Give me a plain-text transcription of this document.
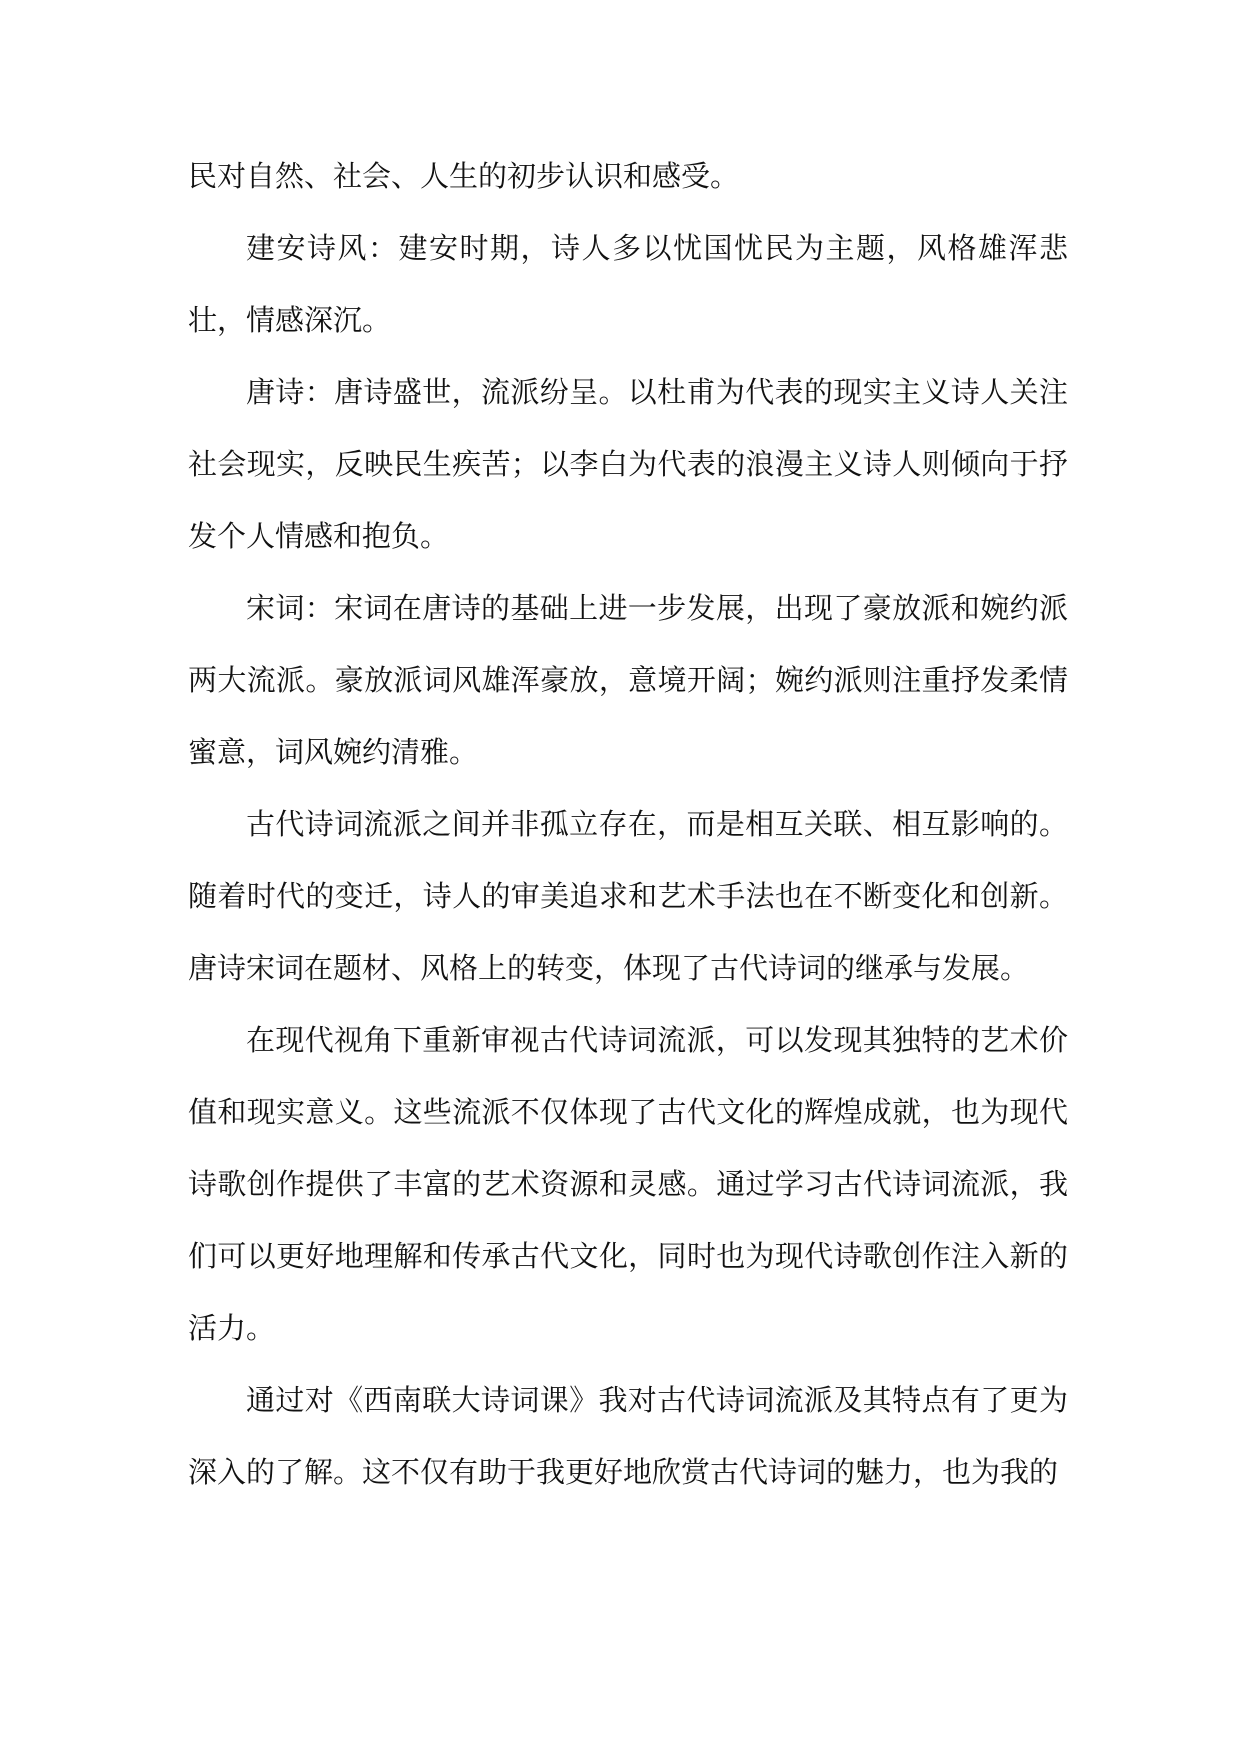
民对自然、社会、人生的初步认识和感受。

建安诗风：建安时期，诗人多以忧国忧民为主题，风格雄浑悲壮，情感深沉。

唐诗：唐诗盛世，流派纷呈。以杜甫为代表的现实主义诗人关注社会现实，反映民生疾苦；以李白为代表的浪漫主义诗人则倾向于抒发个人情感和抱负。

宋词：宋词在唐诗的基础上进一步发展，出现了豪放派和婉约派两大流派。豪放派词风雄浑豪放，意境开阔；婉约派则注重抒发柔情蜜意，词风婉约清雅。

古代诗词流派之间并非孤立存在，而是相互关联、相互影响的。随着时代的变迁，诗人的审美追求和艺术手法也在不断变化和创新。唐诗宋词在题材、风格上的转变，体现了古代诗词的继承与发展。

在现代视角下重新审视古代诗词流派，可以发现其独特的艺术价值和现实意义。这些流派不仅体现了古代文化的辉煌成就，也为现代诗歌创作提供了丰富的艺术资源和灵感。通过学习古代诗词流派，我们可以更好地理解和传承古代文化，同时也为现代诗歌创作注入新的活力。

通过对《西南联大诗词课》我对古代诗词流派及其特点有了更为深入的了解。这不仅有助于我更好地欣赏古代诗词的魅力，也为我的
